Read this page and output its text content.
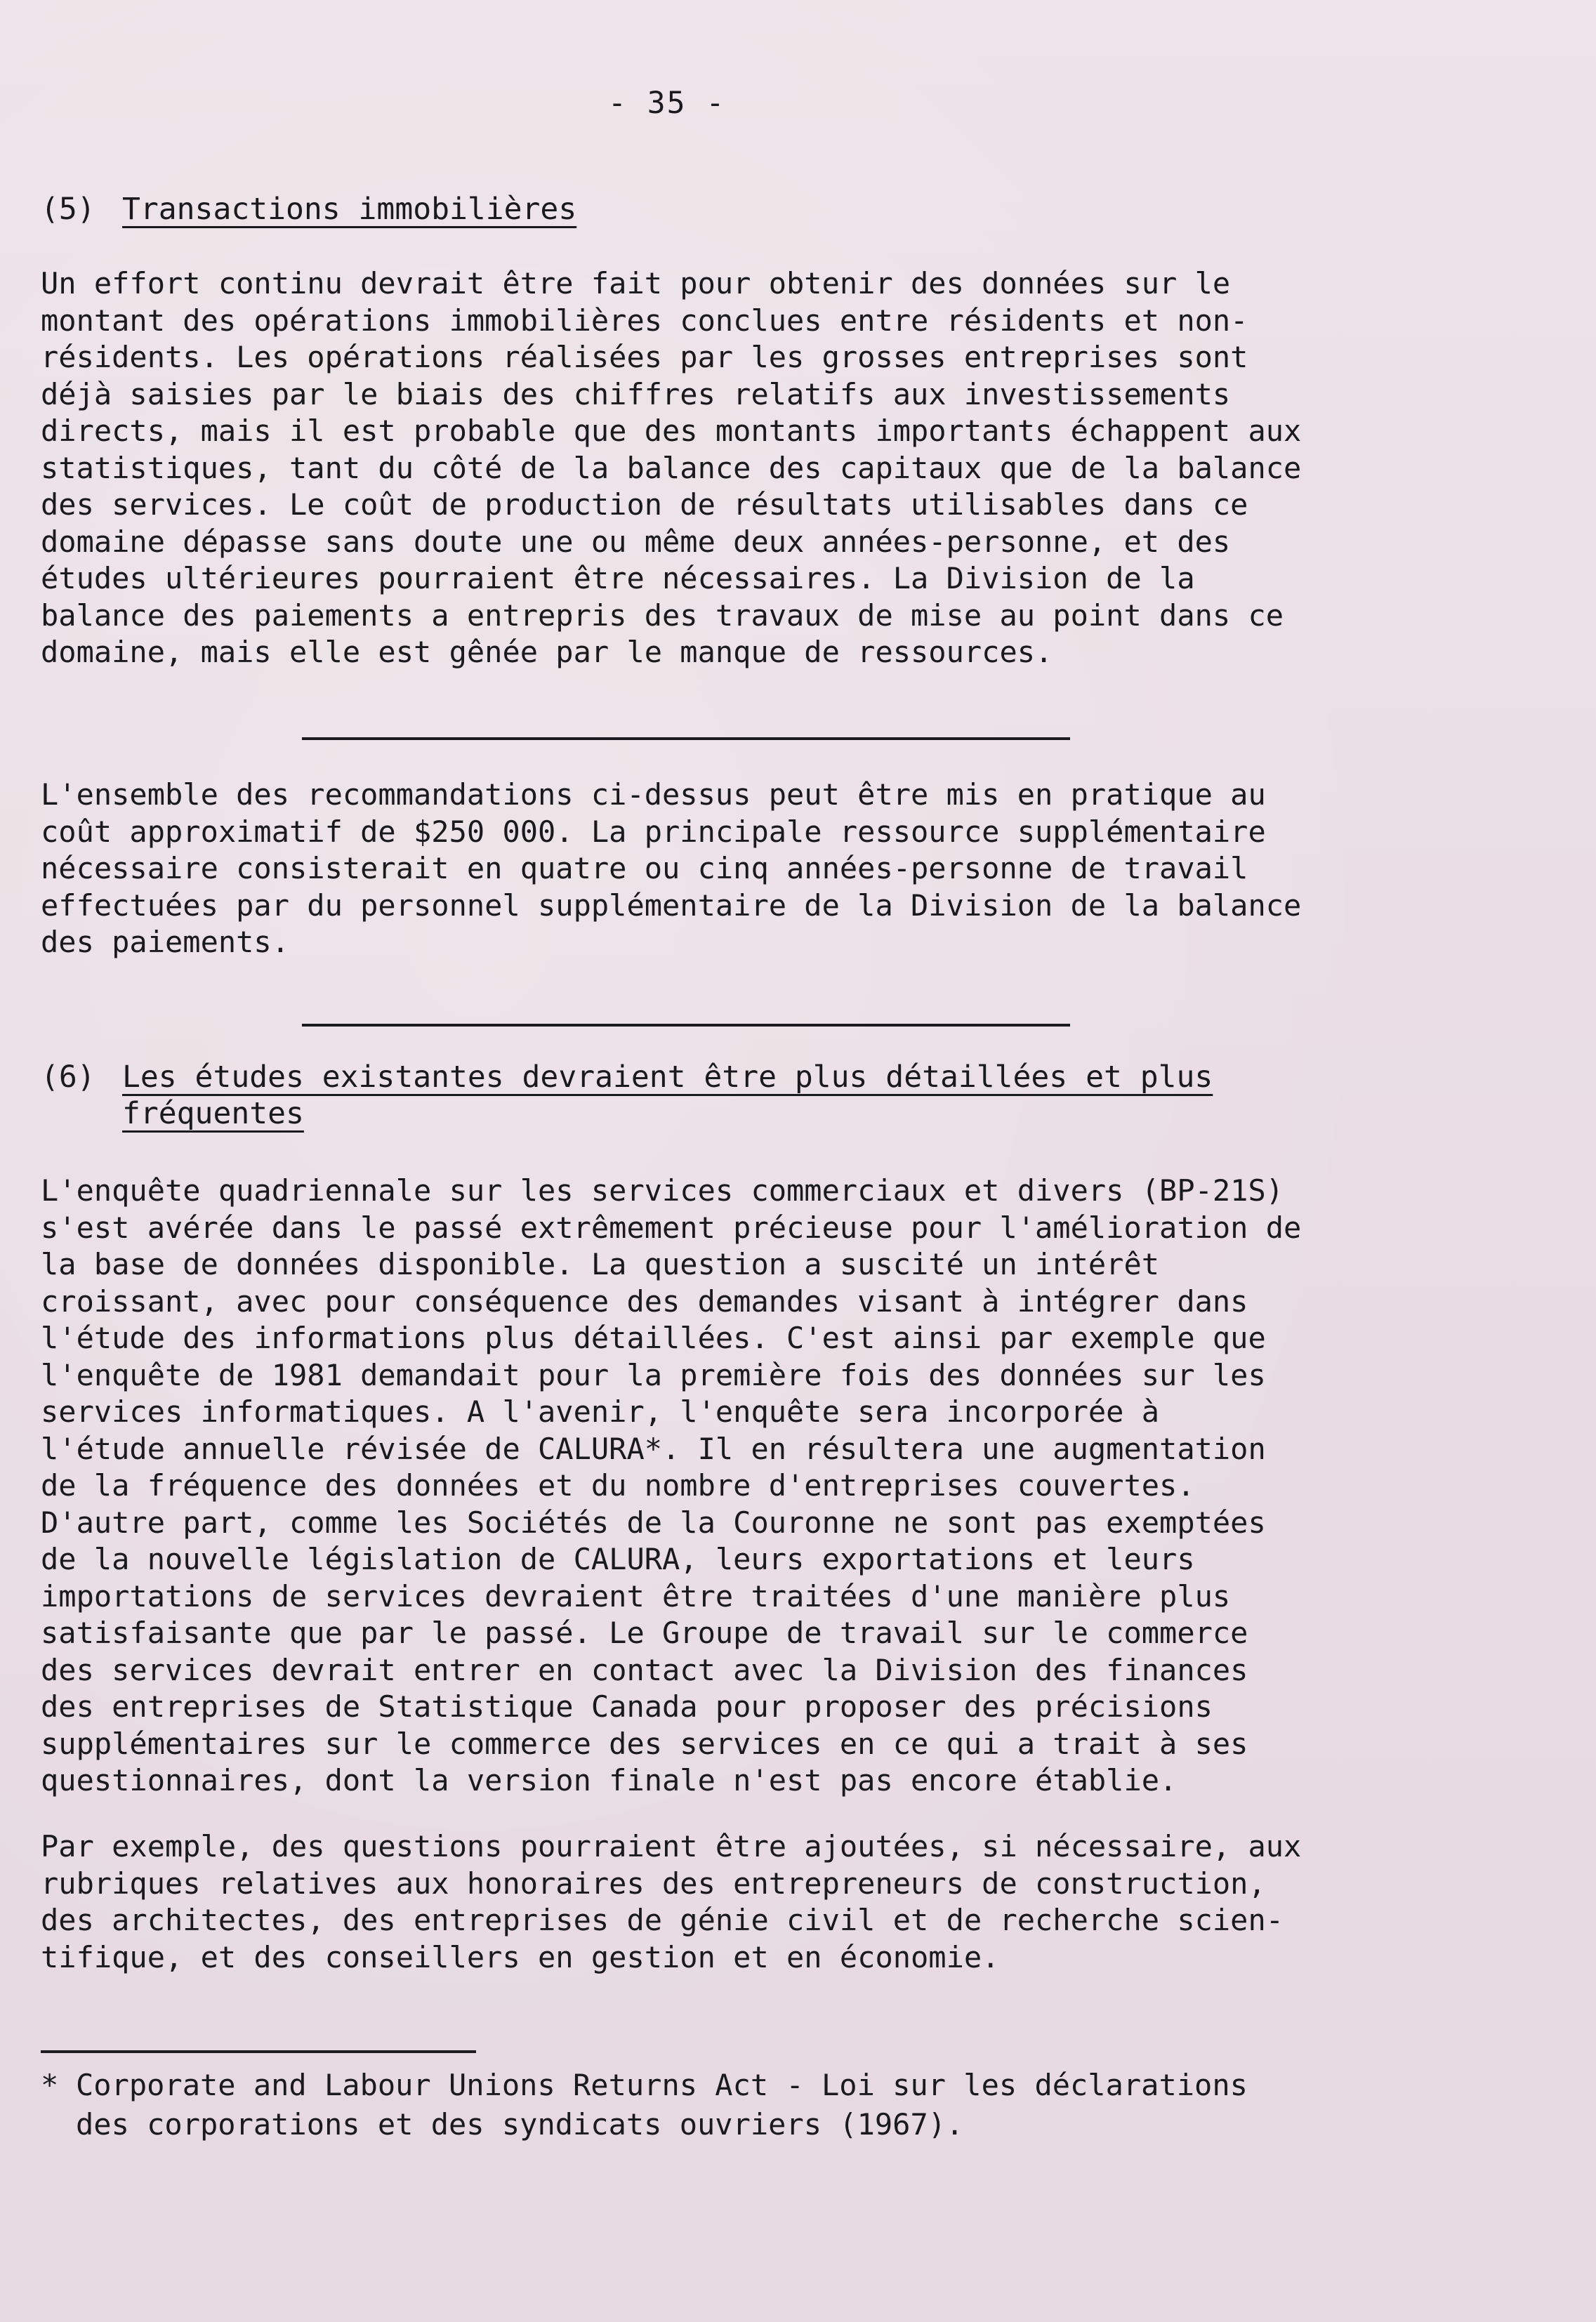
- 35 -
(5) Transactions immobilières

Un effort continu devrait être fait pour obtenir des données sur le

montant des opérations immobilières conclues entre résidents et non-

résidents. Les opérations réalisées par les grosses entreprises sont

déjà saisies par le biais des chiffres relatifs aux investissements

directs, mais il est probable que des montants importants échappent aux

statistiques, tant du côté de la balance des capitaux que de la balance

des services. Le coût de production de résultats utilisables dans ce

domaine dépasse sans doute une ou même deux années-personne, et des

études ultérieures pourraient être nécessaires. La Division de la

balance des paiements a entrepris des travaux de mise au point dans ce

domaine, mais elle est gênée par le manque de ressources.

L'ensemble des recommandations ci-dessus peut être mis en pratique au

coût approximatif de $250 000. La principale ressource supplémentaire

nécessaire consisterait en quatre ou cinq années-personne de travail

effectuées par du personnel supplémentaire de la Division de la balance

des paiements.

(6) Les études existantes devraient être plus détaillées et plus
fréquentes

L'enquête quadriennale sur les services commerciaux et divers (BP-21S)

s'est avérée dans le passé extrêmement précieuse pour l'amélioration de

la base de données disponible. La question a suscité un intérêt

croissant, avec pour conséquence des demandes visant à intégrer dans

l'étude des informations plus détaillées. C'est ainsi par exemple que

l'enquête de 1981 demandait pour la première fois des données sur les

services informatiques. A l'avenir, l'enquête sera incorporée à

l'étude annuelle révisée de CALURA*. Il en résultera une augmentation

de la fréquence des données et du nombre d'entreprises couvertes.

D'autre part, comme les Sociétés de la Couronne ne sont pas exemptées

de la nouvelle législation de CALURA, leurs exportations et leurs

importations de services devraient être traitées d'une manière plus

satisfaisante que par le passé. Le Groupe de travail sur le commerce

des services devrait entrer en contact avec la Division des finances

des entreprises de Statistique Canada pour proposer des précisions

supplémentaires sur le commerce des services en ce qui a trait à ses

questionnaires, dont la version finale n'est pas encore établie.

Par exemple, des questions pourraient être ajoutées, si nécessaire, aux

rubriques relatives aux honoraires des entrepreneurs de construction,

des architectes, des entreprises de génie civil et de recherche scien-

tifique, et des conseillers en gestion et en économie.

* Corporate and Labour Unions Returns Act - Loi sur les déclarations
des corporations et des syndicats ouvriers (1967).
